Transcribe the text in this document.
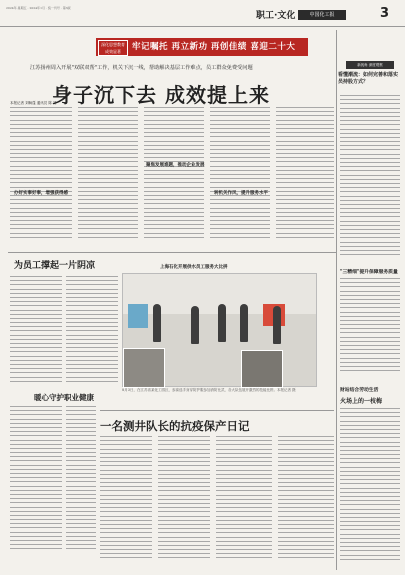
2024年·星期五 · 2024年1月 · 统一刊号 · 第3版
职工·文化	中国化工报	3
深化思想教育 成效显著	牢记嘱托 再立新功 再创佳绩 喜迎二十大
江苏扬州周入开展"双联双帮"工作，机关下沉一线，帮助解决基层工作难点，员工群众免费受问题
身子沉下去 成效提上来
本报记者 刘畅蓬 通讯员 陈 靖
办好实事好事，增强获得感
聚焦发展难题，推动企业发展
转机关作风，提升服务水平
新视角 深度观察
看懂潮流：如何完善和落实员持股方式？
"三精细"提升保障服务质量
财站结合劳动生活
火场上的一枝梅
为员工撑起一片阴凉
暖心守护职业健康
上海石化开展供水员工服务大比拼
8月3日，在江苏省某化工园区，参赛选手身穿防护服参加消防比武，各大队伍展开激烈的技能比拼。本报记者 摄
一名测井队长的抗疫保产日记
